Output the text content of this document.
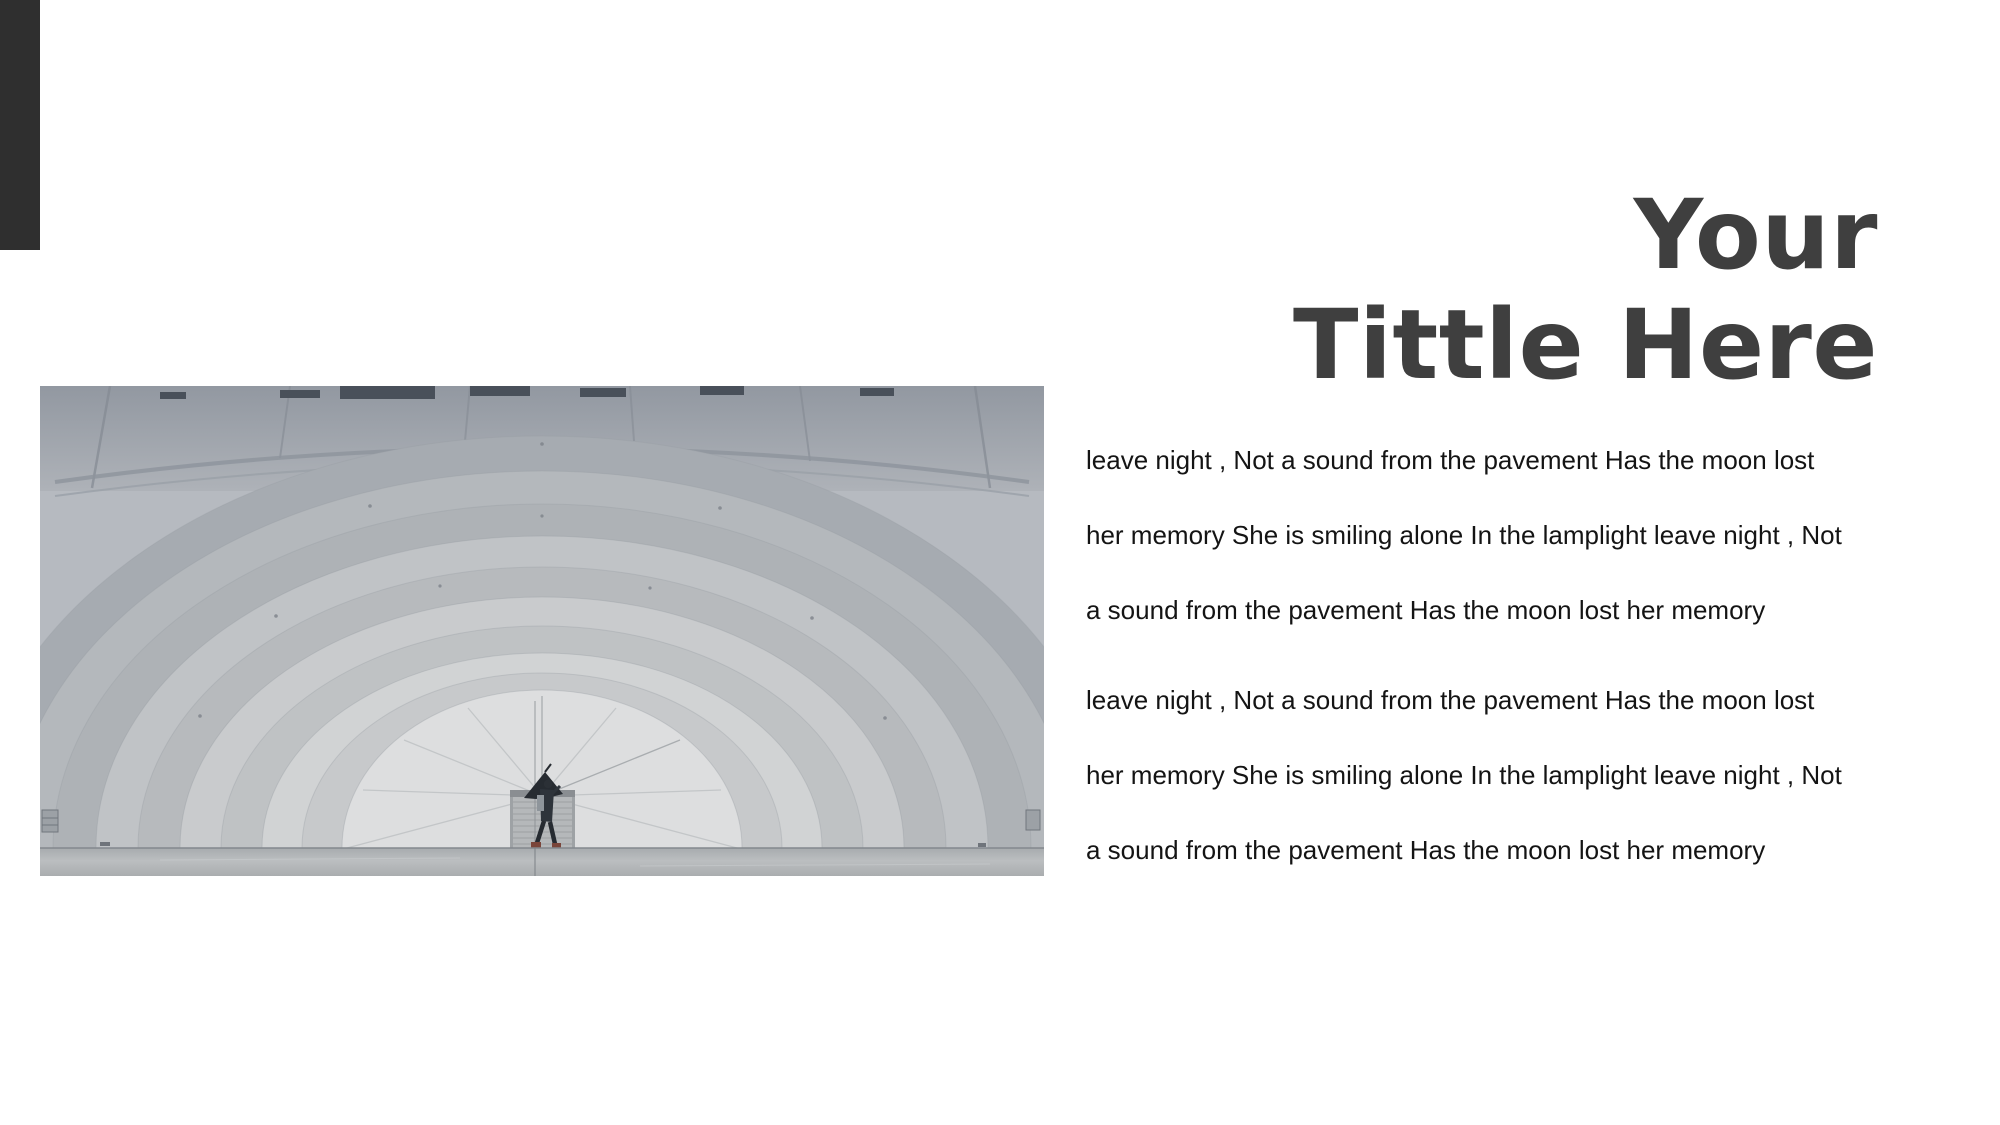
Your
Tittle Here

leave night , Not a sound from the pavement Has the moon lost
her memory She is smiling alone In the lamplight leave night , Not
a sound from the pavement Has the moon lost her memory

leave night , Not a sound from the pavement Has the moon lost
her memory She is smiling alone In the lamplight leave night , Not
a sound from the pavement Has the moon lost her memory
